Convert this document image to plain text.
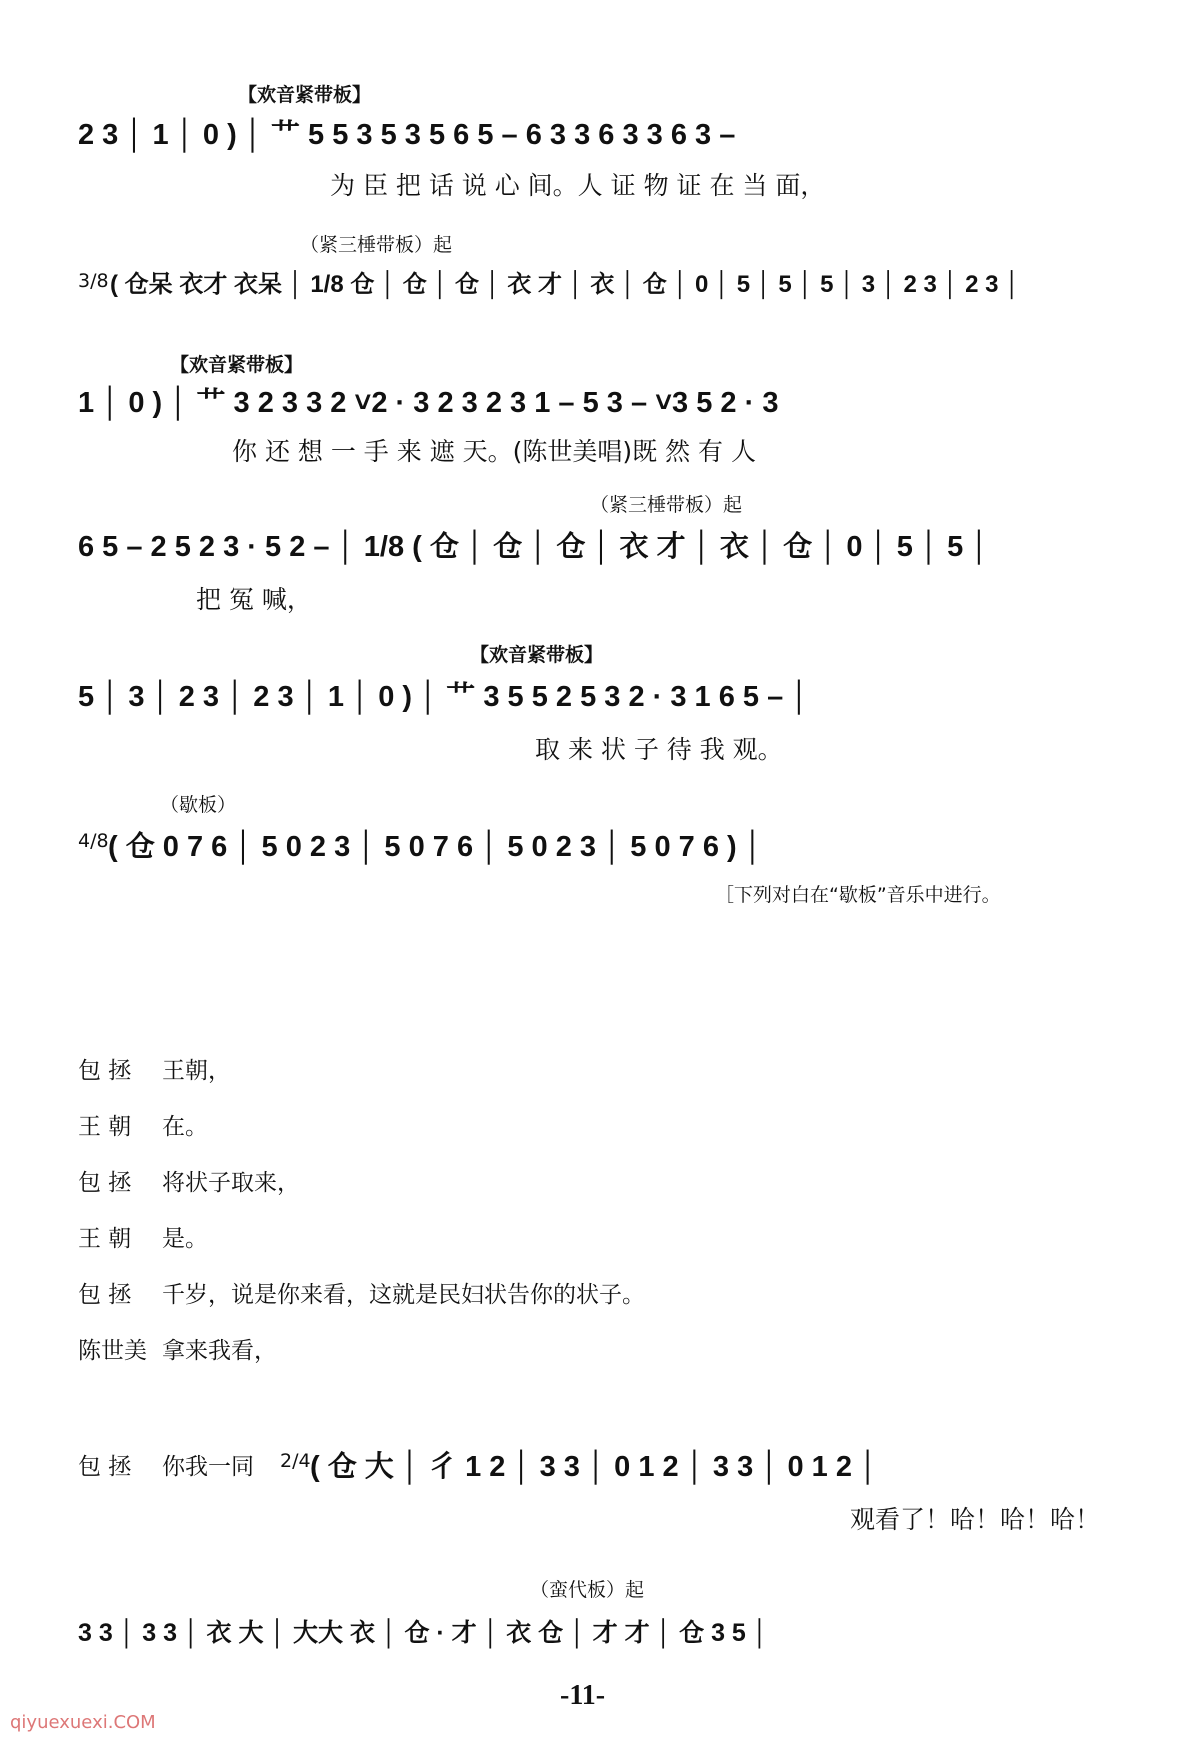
【欢音紧带板】
2 3 │ 1 │ 0 ) │ 艹 5 5 3 5 3 5 6 5 – 6 3 3 6 3 3 6 3 –
为 臣 把 话 说 心 间。人 证 物 证 在 当 面，
（紧三棰带板）起
3/8 ( 仓呆 衣才 衣呆 │ 1/8 仓 │ 仓 │ 仓 │ 衣 才 │ 衣 │ 仓 │ 0 │ 5 │ 5 │ 5 │ 3 │ 2 3 │ 2 3 │
【欢音紧带板】
1 │ 0 ) │ 艹 3 2 3 3 2 ˅2 · 3 2 3 2 3 1 – 5 3 – ˅3 5 2 · 3
你 还 想 一 手 来 遮 天。(陈世美唱)既 然 有 人
（紧三棰带板）起
6 5 – 2 5 2 3 · 5 2 – │ 1/8 ( 仓 │ 仓 │ 仓 │ 衣 才 │ 衣 │ 仓 │ 0 │ 5 │ 5 │
把 冤 喊，
【欢音紧带板】
5 │ 3 │ 2 3 │ 2 3 │ 1 │ 0 ) │ 艹 3 5 5 2 5 3 2 · 3 1 6 5 – │
取 来 状 子 待 我 观。
（歇板）
4/8 ( 仓 0 7 6 │ 5 0 2 3 │ 5 0 7 6 │ 5 0 2 3 │ 5 0 7 6 ) │
［下列对白在“歇板”音乐中进行。
包 拯 王朝，
王 朝 在。
包 拯 将状子取来，
王 朝 是。
包 拯 千岁，说是你来看，这就是民妇状告你的状子。
陈世美 拿来我看，
包 拯 你我一同 2/4 ( 仓 大 │ 彳 1 2 │ 3 3 │ 0 1 2 │ 3 3 │ 0 1 2 │
观看了！哈！哈！哈！
（蛮代板）起
3 3 │ 3 3 │ 衣 大 │ 大大 衣 │ 仓 · 才 │ 衣 仓 │ 才 才 │ 仓 3 5 │
-11-
qiyuexuexi.COM
